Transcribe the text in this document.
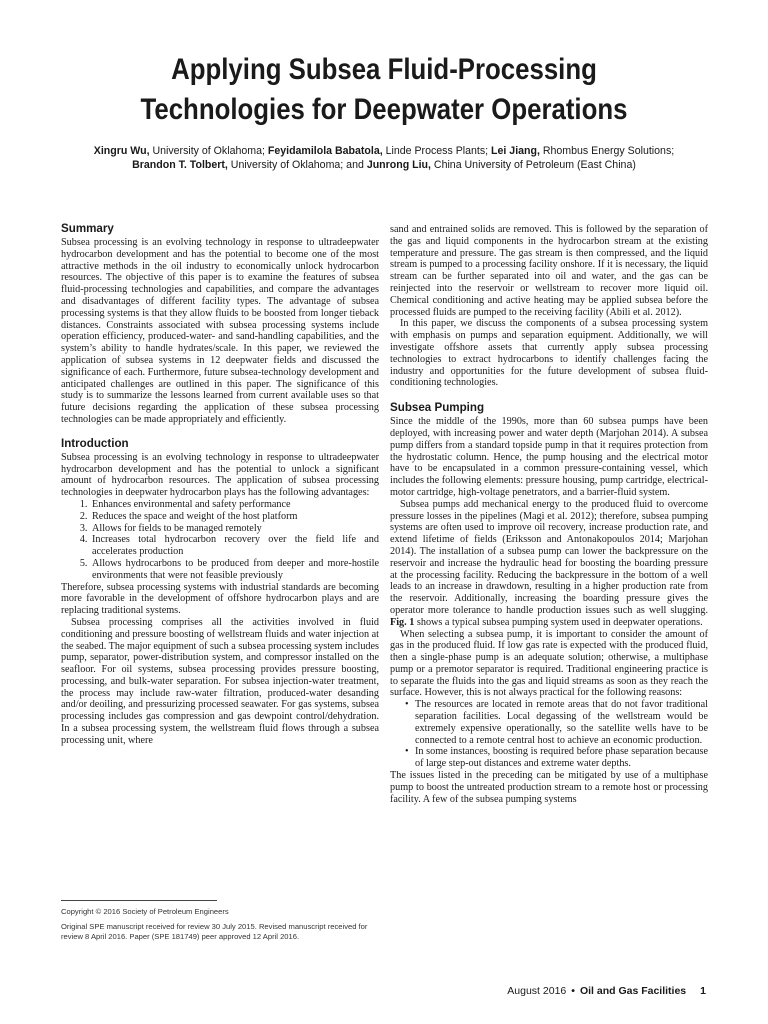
Applying Subsea Fluid-Processing
Technologies for Deepwater Operations
Xingru Wu, University of Oklahoma; Feyidamilola Babatola, Linde Process Plants; Lei Jiang, Rhombus Energy Solutions;
Brandon T. Tolbert, University of Oklahoma; and Junrong Liu, China University of Petroleum (East China)
Summary

Subsea processing is an evolving technology in response to ultradeepwater hydrocarbon development and has the potential to become one of the most attractive methods in the oil industry to economically unlock hydrocarbon resources. The objective of this paper is to examine the features of subsea fluid-processing technologies and capabilities, and compare the advantages and disadvantages of different facility types. The advantage of subsea processing systems is that they allow fluids to be boosted from longer tieback distances. Constraints associated with subsea processing systems include operation efficiency, produced-water- and sand-handling capabilities, and the system’s ability to handle hydrates/scale. In this paper, we reviewed the application of subsea systems in 12 deepwater fields and discussed the significance of each. Furthermore, future subsea-technology development and anticipated challenges are outlined in this paper. The significance of this study is to summarize the lessons learned from current available uses so that future decisions regarding the application of these subsea processing technologies can be made appropriately and efficiently.

Introduction

Subsea processing is an evolving technology in response to ultradeepwater hydrocarbon development and has the potential to unlock a significant amount of hydrocarbon resources. The application of subsea processing technologies in deepwater hydrocarbon plays has the following advantages:

1. Enhances environmental and safety performance
2. Reduces the space and weight of the host platform
3. Allows for fields to be managed remotely
4. Increases total hydrocarbon recovery over the field life and accelerates production
5. Allows hydrocarbons to be produced from deeper and more-hostile environments that were not feasible previously

Therefore, subsea processing systems with industrial standards are becoming more favorable in the development of offshore hydrocarbon plays and are replacing traditional systems.

Subsea processing comprises all the activities involved in fluid conditioning and pressure boosting of wellstream fluids and water injection at the seabed. The major equipment of such a subsea processing system includes pump, separator, power-distribution system, and compressor installed on the seafloor. For oil systems, subsea processing provides pressure boosting, processing, and bulk-water separation. For subsea injection-water treatment, the process may include raw-water filtration, produced-water desanding and/or deoiling, and pressurizing processed seawater. For gas systems, subsea processing includes gas compression and gas dewpoint control/dehydration. In a subsea processing system, the wellstream fluid flows through a subsea processing unit, where

sand and entrained solids are removed. This is followed by the separation of the gas and liquid components in the hydrocarbon stream at the existing temperature and pressure. The gas stream is then compressed, and the liquid stream is pumped to a processing facility onshore. If it is necessary, the liquid stream can be further separated into oil and water, and the gas can be reinjected into the reservoir or wellstream to recover more liquid oil. Chemical conditioning and active heating may be applied subsea before the processed fluids are pumped to the receiving facility (Abili et al. 2012).

In this paper, we discuss the components of a subsea processing system with emphasis on pumps and separation equipment. Additionally, we will investigate offshore assets that currently apply subsea processing technologies to extract hydrocarbons to identify challenges facing the industry and opportunities for the future development of subsea fluid-conditioning technologies.

Subsea Pumping

Since the middle of the 1990s, more than 60 subsea pumps have been deployed, with increasing power and water depth (Marjohan 2014). A subsea pump differs from a standard topside pump in that it requires protection from the hydrostatic column. Hence, the pump housing and the electrical motor have to be encapsulated in a common pressure-containing vessel, which includes the following elements: pressure housing, pump cartridge, electrical-motor cartridge, high-voltage penetrators, and a barrier-fluid system.

Subsea pumps add mechanical energy to the produced fluid to overcome pressure losses in the pipelines (Magi et al. 2012); therefore, subsea pumping systems are often used to improve oil recovery, increase production rate, and extend lifetime of fields (Eriksson and Antonakopoulos 2014; Marjohan 2014). The installation of a subsea pump can lower the backpressure on the reservoir and increase the hydraulic head for boosting the boarding pressure at the processing facility. Reducing the backpressure in the bottom of a well leads to an increase in drawdown, resulting in a higher production rate from the reservoir. Additionally, increasing the boarding pressure gives the operator more tolerance to handle production issues such as well slugging. Fig. 1 shows a typical subsea pumping system used in deepwater operations.

When selecting a subsea pump, it is important to consider the amount of gas in the produced fluid. If low gas rate is expected with the produced fluid, then a single-phase pump is an adequate solution; otherwise, a multiphase pump or a premotor separator is required. Traditional engineering practice is to separate the fluids into the gas and liquid streams as soon as they reach the surface. However, this is not always practical for the following reasons:

• The resources are located in remote areas that do not favor traditional separation facilities. Local degassing of the wellstream would be extremely expensive operationally, so the satellite wells have to be connected to a remote central host to achieve an economic production.
• In some instances, boosting is required before phase separation because of large step-out distances and extreme water depths.

The issues listed in the preceding can be mitigated by use of a multiphase pump to boost the untreated production stream to a remote host or processing facility. A few of the subsea pumping systems

Copyright © 2016 Society of Petroleum Engineers

Original SPE manuscript received for review 30 July 2015. Revised manuscript received for review 8 April 2016. Paper (SPE 181749) peer approved 12 April 2016.

August 2016 • Oil and Gas Facilities 1
